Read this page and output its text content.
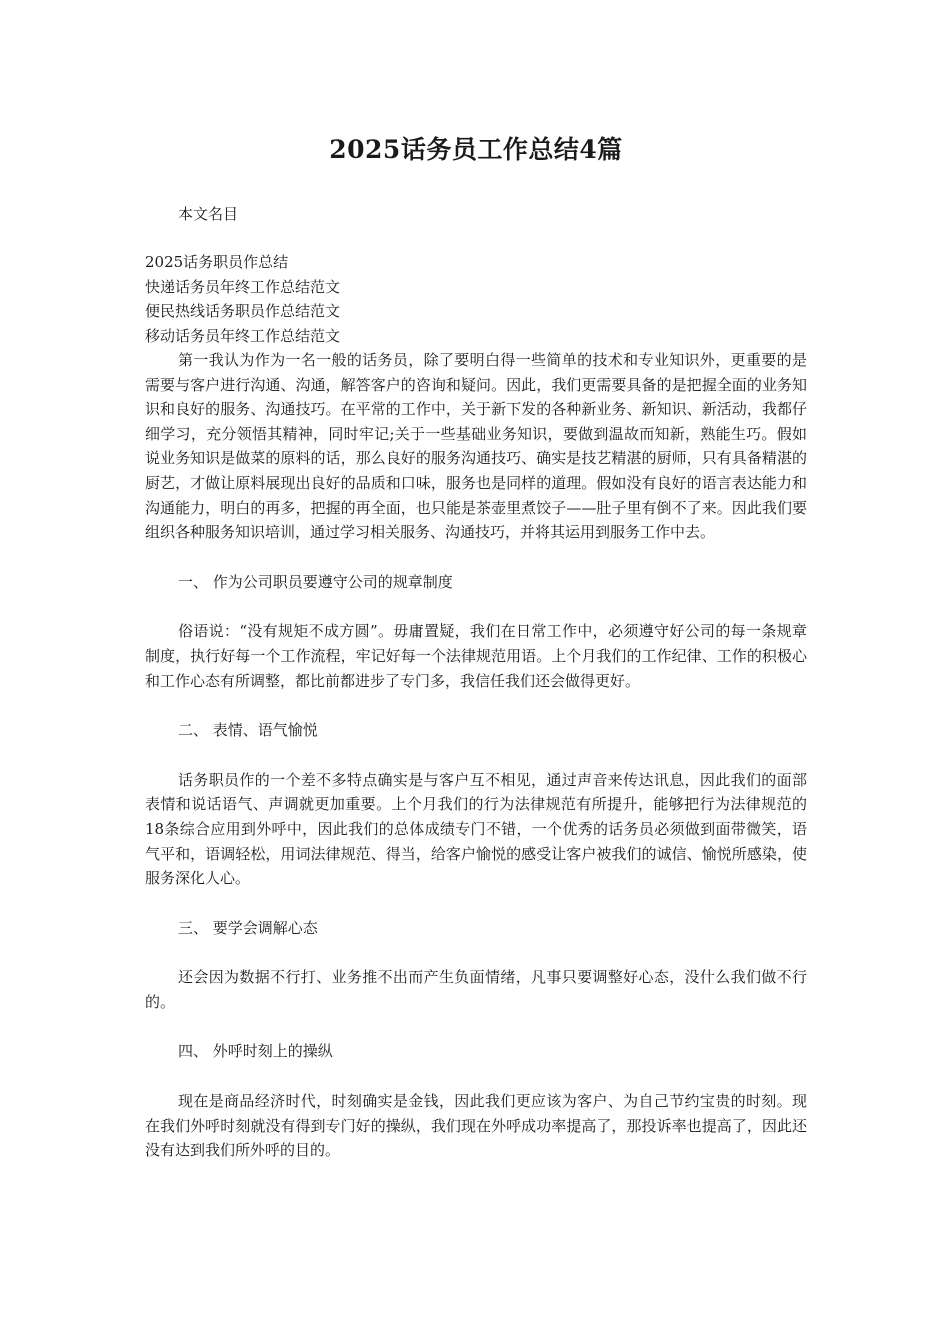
2025话务员工作总结4篇

本文名目

2025话务职员作总结
快递话务员年终工作总结范文
便民热线话务职员作总结范文
移动话务员年终工作总结范文

第一我认为作为一名一般的话务员，除了要明白得一些简单的技术和专业知识外，更重要的是需要与客户进行沟通、沟通，解答客户的咨询和疑问。因此，我们更需要具备的是把握全面的业务知识和良好的服务、沟通技巧。在平常的工作中，关于新下发的各种新业务、新知识、新活动，我都仔细学习，充分领悟其精神，同时牢记;关于一些基础业务知识，要做到温故而知新，熟能生巧。假如说业务知识是做菜的原料的话，那么良好的服务沟通技巧、确实是技艺精湛的厨师，只有具备精湛的厨艺，才做让原料展现出良好的品质和口味，服务也是同样的道理。假如没有良好的语言表达能力和沟通能力，明白的再多，把握的再全面，也只能是茶壶里煮饺子——肚子里有倒不了来。因此我们要组织各种服务知识培训，通过学习相关服务、沟通技巧，并将其运用到服务工作中去。

一、 作为公司职员要遵守公司的规章制度

俗语说：“没有规矩不成方圆”。毋庸置疑，我们在日常工作中，必须遵守好公司的每一条规章制度，执行好每一个工作流程，牢记好每一个法律规范用语。上个月我们的工作纪律、工作的积极心和工作心态有所调整，都比前都进步了专门多，我信任我们还会做得更好。

二、 表情、语气愉悦

话务职员作的一个差不多特点确实是与客户互不相见，通过声音来传达讯息，因此我们的面部表情和说话语气、声调就更加重要。上个月我们的行为法律规范有所提升，能够把行为法律规范的18条综合应用到外呼中，因此我们的总体成绩专门不错，一个优秀的话务员必须做到面带微笑，语气平和，语调轻松，用词法律规范、得当，给客户愉悦的感受让客户被我们的诚信、愉悦所感染，使服务深化人心。

三、 要学会调解心态

还会因为数据不行打、业务推不出而产生负面情绪，凡事只要调整好心态，没什么我们做不行的。

四、 外呼时刻上的操纵

现在是商品经济时代，时刻确实是金钱，因此我们更应该为客户、为自己节约宝贵的时刻。现在我们外呼时刻就没有得到专门好的操纵，我们现在外呼成功率提高了，那投诉率也提高了，因此还没有达到我们所外呼的目的。
